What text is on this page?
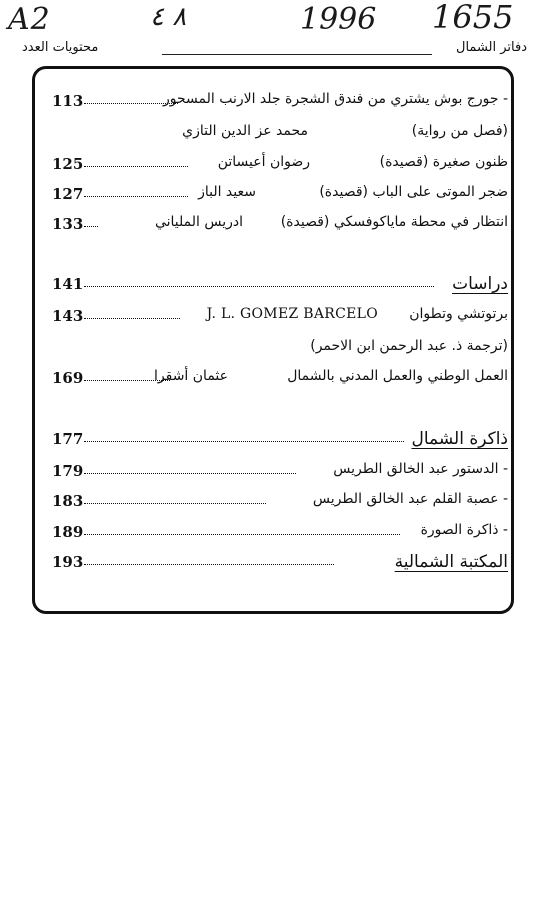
A2	٨ ٤	1996 1655
دفاتر الشمال
محتويات العدد
113	- جورج بوش يشتري من فندق الشجرة جلد الارنب المسحور
(فصل من رواية)
محمد عز الدين التازي
125	ظنون صغيرة (قصيدة)
رضوان أعيساتن
127	ضجر الموتى على الباب (قصيدة)
سعيد الباز
133	انتظار في محطة ماياكوفسكي (قصيدة)
ادريس الملياني
141	دراسات
143	برتوتشي وتطوان
J. L. GOMEZ BARCELO
(ترجمة ذ. عبد الرحمن ابن الاحمر)
169	العمل الوطني والعمل المدني بالشمال
عثمان أشقرا
177	ذاكرة الشمال
179	- الدستور عبد الخالق الطريس
183	- عصبة القلم عبد الخالق الطريس
189	- ذاكرة الصورة
193	المكتبة الشمالية
